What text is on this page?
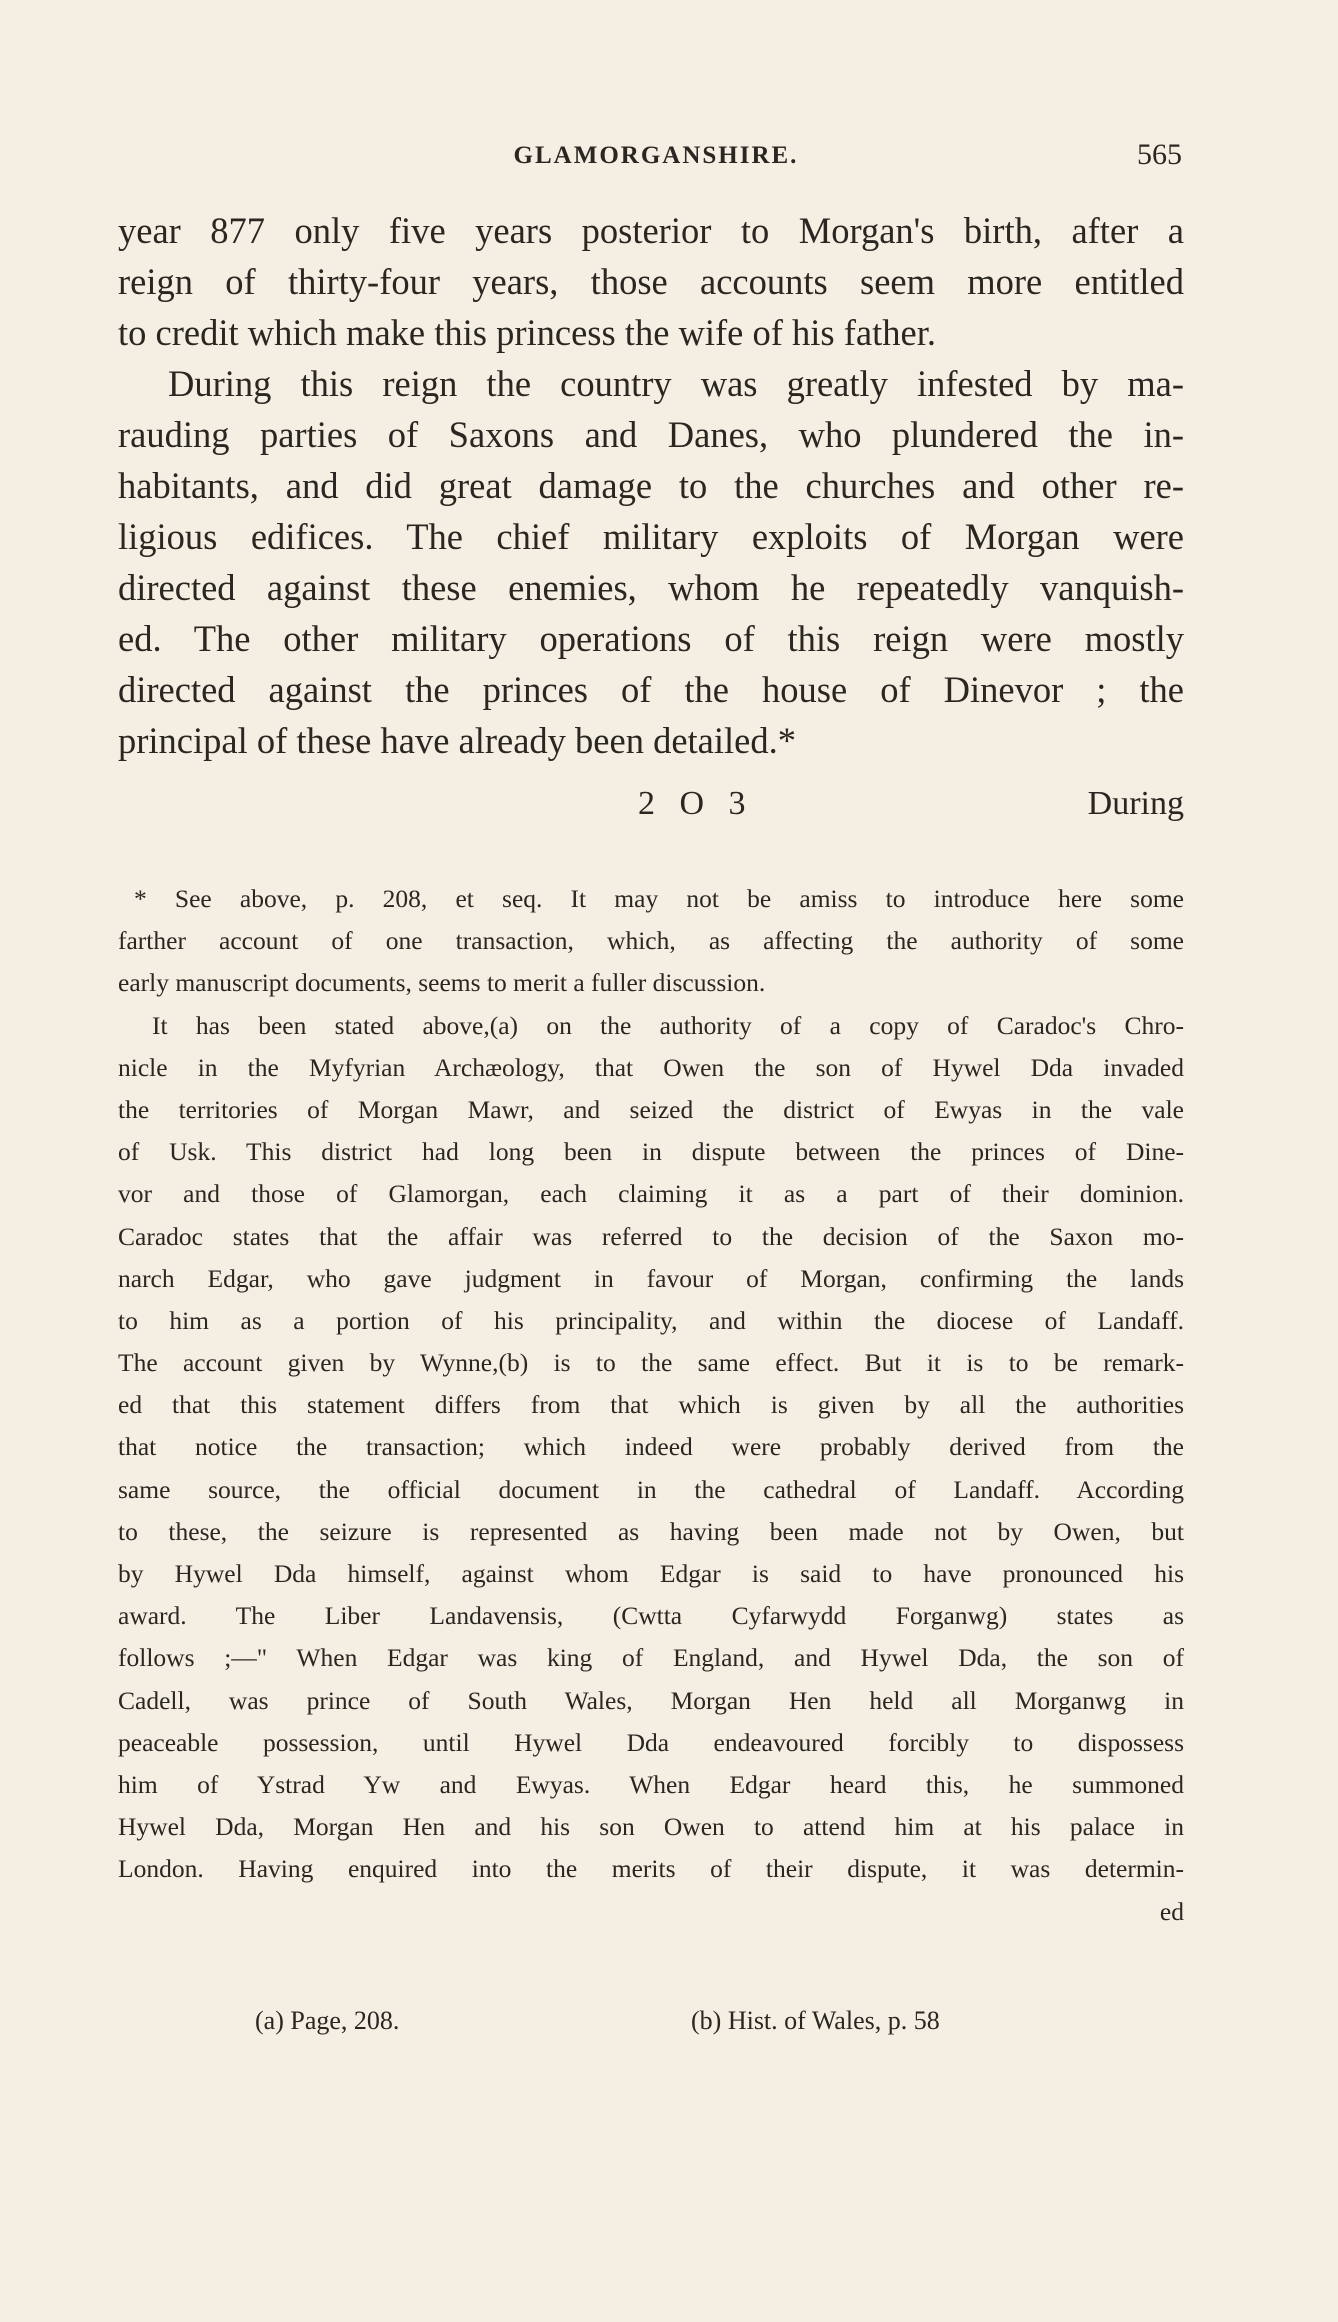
GLAMORGANSHIRE.	565
year 877 only five years posterior to Morgan's birth, after a
reign of thirty-four years, those accounts seem more entitled
to credit which make this princess the wife of his father.
During this reign the country was greatly infested by ma-
rauding parties of Saxons and Danes, who plundered the in-
habitants, and did great damage to the churches and other re-
ligious edifices. The chief military exploits of Morgan were
directed against these enemies, whom he repeatedly vanquish-
ed. The other military operations of this reign were mostly
directed against the princes of the house of Dinevor ; the
principal of these have already been detailed.*
2 O 3	During
* See above, p. 208, et seq. It may not be amiss to introduce here some
farther account of one transaction, which, as affecting the authority of some
early manuscript documents, seems to merit a fuller discussion.
It has been stated above,(a) on the authority of a copy of Caradoc's Chro-
nicle in the Myfyrian Archæology, that Owen the son of Hywel Dda invaded
the territories of Morgan Mawr, and seized the district of Ewyas in the vale
of Usk. This district had long been in dispute between the princes of Dine-
vor and those of Glamorgan, each claiming it as a part of their dominion.
Caradoc states that the affair was referred to the decision of the Saxon mo-
narch Edgar, who gave judgment in favour of Morgan, confirming the lands
to him as a portion of his principality, and within the diocese of Landaff.
The account given by Wynne,(b) is to the same effect. But it is to be remark-
ed that this statement differs from that which is given by all the authorities
that notice the transaction; which indeed were probably derived from the
same source, the official document in the cathedral of Landaff. According
to these, the seizure is represented as having been made not by Owen, but
by Hywel Dda himself, against whom Edgar is said to have pronounced his
award. The Liber Landavensis, (Cwtta Cyfarwydd Forganwg) states as
follows ;—" When Edgar was king of England, and Hywel Dda, the son of
Cadell, was prince of South Wales, Morgan Hen held all Morganwg in
peaceable possession, until Hywel Dda endeavoured forcibly to dispossess
him of Ystrad Yw and Ewyas. When Edgar heard this, he summoned
Hywel Dda, Morgan Hen and his son Owen to attend him at his palace in
London. Having enquired into the merits of their dispute, it was determin-
ed
(a) Page, 208.	(b) Hist. of Wales, p. 58
